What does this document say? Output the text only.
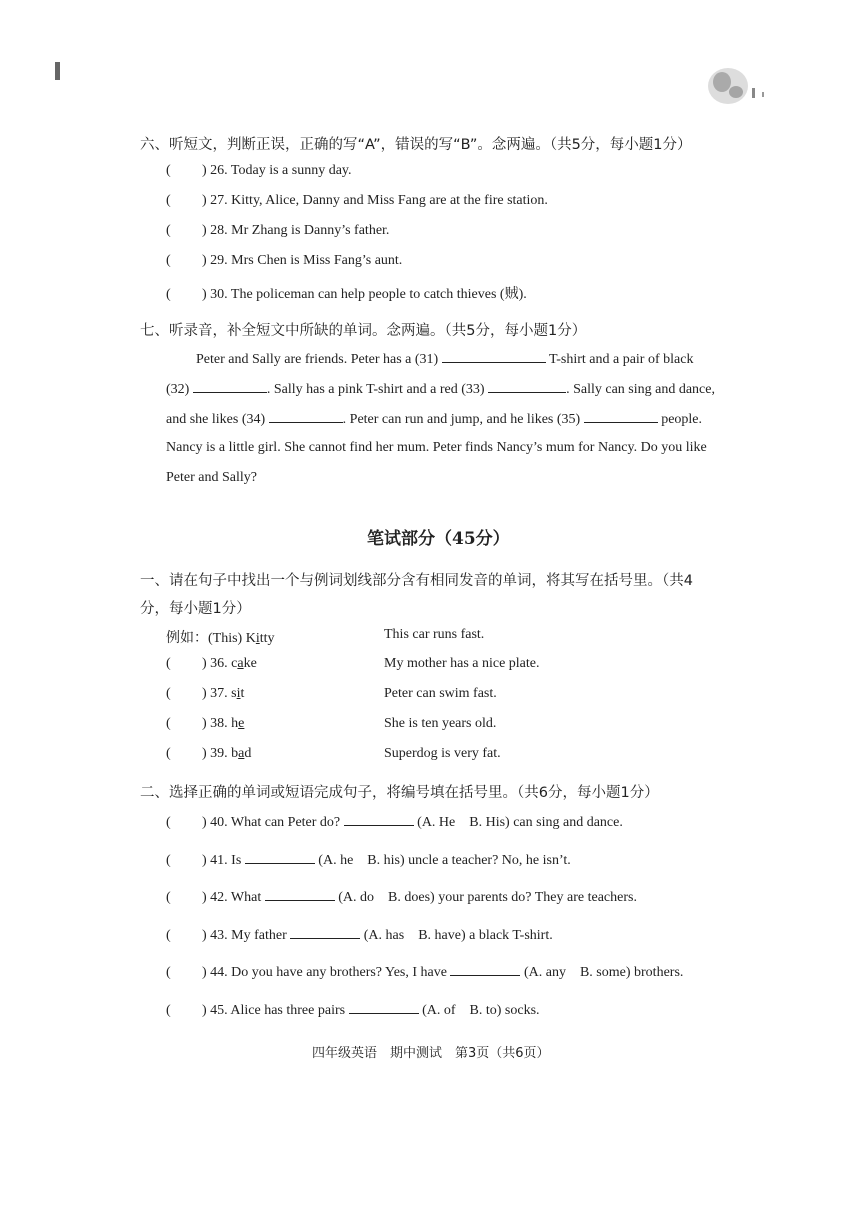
六、听短文，判断正误，正确的写“A”，错误的写“B”。念两遍。（共5分，每小题1分）
( ) 26. Today is a sunny day.
( ) 27. Kitty, Alice, Danny and Miss Fang are at the fire station.
( ) 28. Mr Zhang is Danny’s father.
( ) 29. Mrs Chen is Miss Fang’s aunt.
( ) 30. The policeman can help people to catch thieves (贼).
七、听录音，补全短文中所缺的单词。念两遍。（共5分，每小题1分）
Peter and Sally are friends. Peter has a (31)	T-shirt and a pair of black
(32)	. Sally has a pink T-shirt and a red (33)	. Sally can sing and dance,
and she likes (34)	. Peter can run and jump, and he likes (35)	people.
Nancy is a little girl. She cannot find her mum. Peter finds Nancy’s mum for Nancy. Do you like
Peter and Sally?
笔试部分（45分）
一、请在句子中找出一个与例词划线部分含有相同发音的单词，将其写在括号里。（共4
分，每小题1分）
例如：(This) Kitty	This car runs fast.
( ) 36. cake	My mother has a nice plate.
( ) 37. sit	Peter can swim fast.
( ) 38. he	She is ten years old.
( ) 39. bad	Superdog is very fat.
二、选择正确的单词或短语完成句子，将编号填在括号里。（共6分，每小题1分）
( ) 40. What can Peter do?	(A. He B. His) can sing and dance.
( ) 41. Is	(A. he B. his) uncle a teacher? No, he isn’t.
( ) 42. What	(A. do B. does) your parents do? They are teachers.
( ) 43. My father	(A. has B. have) a black T-shirt.
( ) 44. Do you have any brothers? Yes, I have	(A. any B. some) brothers.
( ) 45. Alice has three pairs	(A. of B. to) socks.
四年级英语　期中测试　第3页（共6页）
